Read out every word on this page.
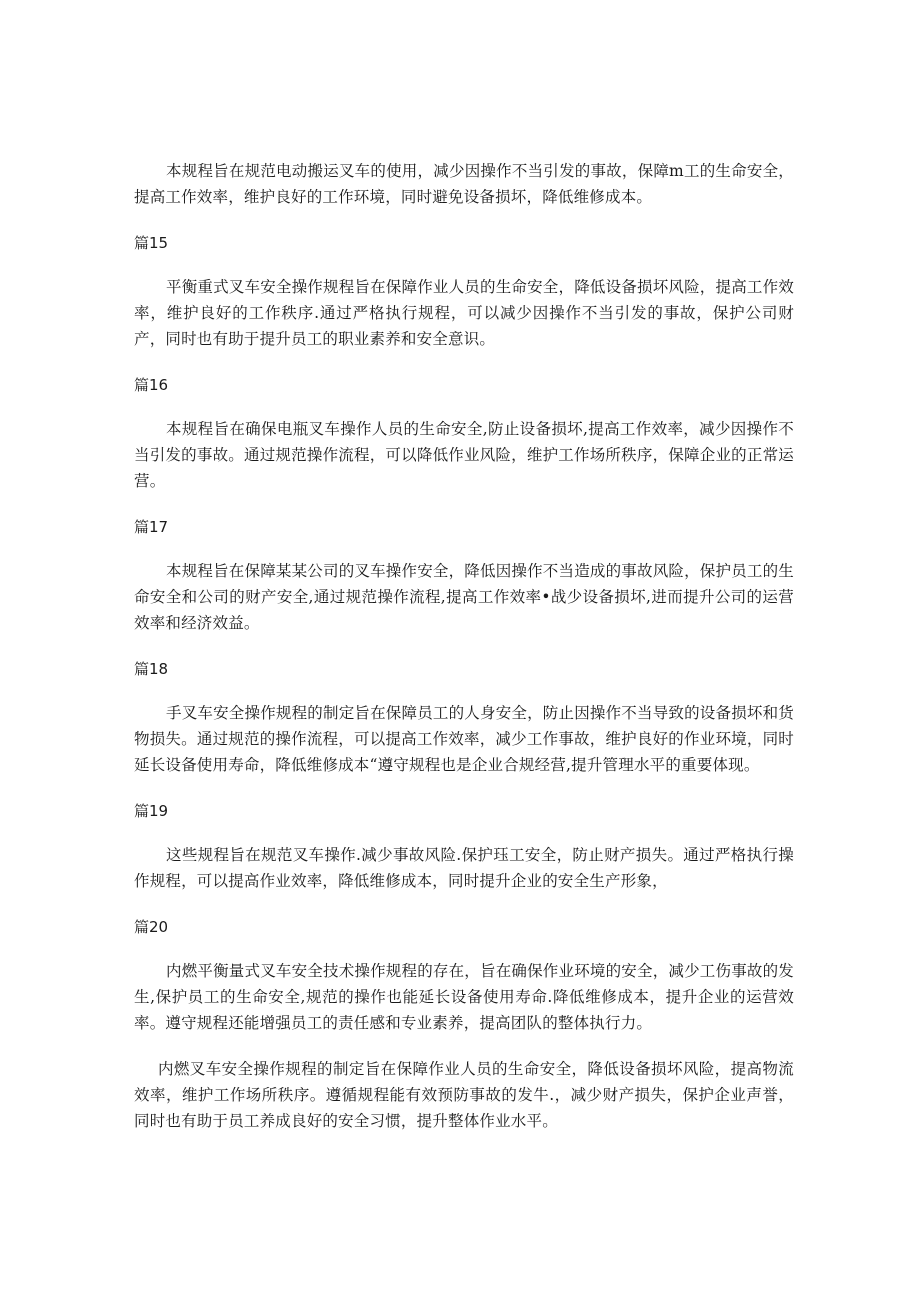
本规程旨在规范电动搬运叉车的使用，减少因操作不当引发的事故，保障m工的生命安全，提高工作效率，维护良好的工作环境，同时避免设备损坏，降低维修成本。

篇15

平衡重式叉车安全操作规程旨在保障作业人员的生命安全，降低设备损坏风险，提高工作效率，维护良好的工作秩序.通过严格执行规程，可以减少因操作不当引发的事故，保护公司财产，同时也有助于提升员工的职业素养和安全意识。

篇16

本规程旨在确保电瓶叉车操作人员的生命安全,防止设备损坏,提高工作效率，减少因操作不当引发的事故。通过规范操作流程，可以降低作业风险，维护工作场所秩序，保障企业的正常运营。

篇17

本规程旨在保障某某公司的叉车操作安全，降低因操作不当造成的事故风险，保护员工的生命安全和公司的财产安全,通过规范操作流程,提高工作效率•战少设备损坏,进而提升公司的运营效率和经济效益。

篇18

手叉车安全操作规程的制定旨在保障员工的人身安全，防止因操作不当导致的设备损坏和货物损失。通过规范的操作流程，可以提高工作效率，减少工作事故，维护良好的作业环境，同时延长设备使用寿命，降低维修成本“遵守规程也是企业合规经营,提升管理水平的重要体现。

篇19

这些规程旨在规范叉车操作.减少事故风险.保护珏工安全，防止财产损失。通过严格执行操作规程，可以提高作业效率，降低维修成本，同时提升企业的安全生产形象，

篇20

内燃平衡量式叉车安全技术操作规程的存在，旨在确保作业环境的安全，减少工伤事故的发生,保护员工的生命安全,规范的操作也能延长设备使用寿命.降低维修成本，提升企业的运营效率。遵守规程还能增强员工的责任感和专业素养，提高团队的整体执行力。

内燃叉车安全操作规程的制定旨在保障作业人员的生命安全，降低设备损坏风险，提高物流效率，维护工作场所秩序。遵循规程能有效预防事故的发牛.，减少财产损失，保护企业声誉，同时也有助于员工养成良好的安全习惯，提升整体作业水平。
